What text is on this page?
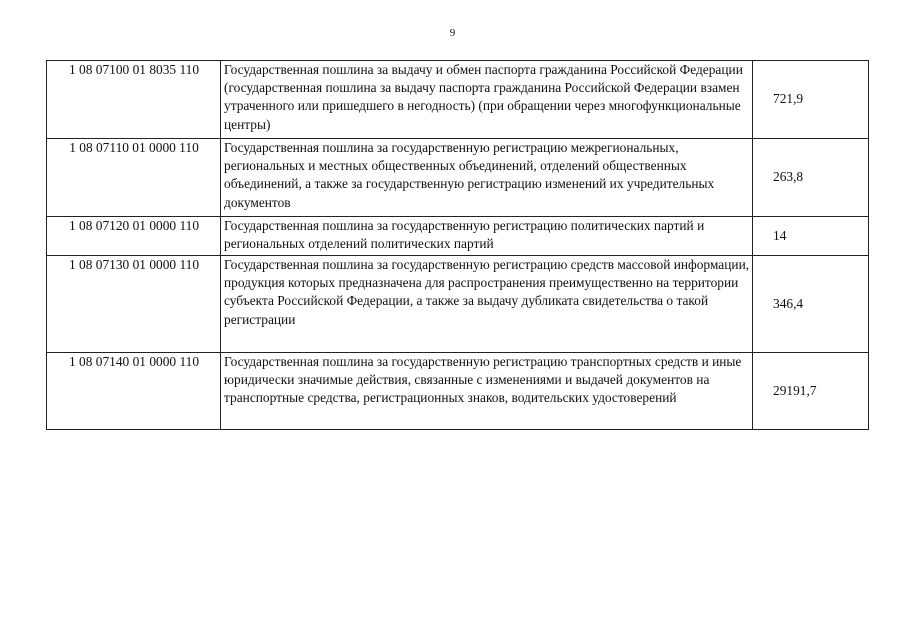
9
1 08 07100 01 8035 110	Государственная пошлина за выдачу и обмен паспорта гражданина Российской Федерации (государственная пошлина за выдачу паспорта гражданина Российской Федерации взамен утраченного или пришедшего в негодность) (при обращении через многофункциональные центры)	721,9
1 08 07110 01 0000 110	Государственная пошлина за государственную регистрацию межрегиональных, региональных и местных общественных объединений, отделений общественных объединений, а также за государственную регистрацию изменений их учредительных документов	263,8
1 08 07120 01 0000 110	Государственная пошлина за государственную регистрацию политических партий и региональных отделений политических партий	14
1 08 07130 01 0000 110	Государственная пошлина за государственную регистрацию средств массовой информации, продукция которых предназначена для распространения преимущественно на территории субъекта Российской Федерации, а также за выдачу дубликата свидетельства о такой регистрации	346,4
1 08 07140 01 0000 110	Государственная пошлина за государственную регистрацию транспортных средств и иные юридически значимые действия, связанные с изменениями и выдачей документов на транспортные средства, регистрационных знаков, водительских удостоверений	29191,7
